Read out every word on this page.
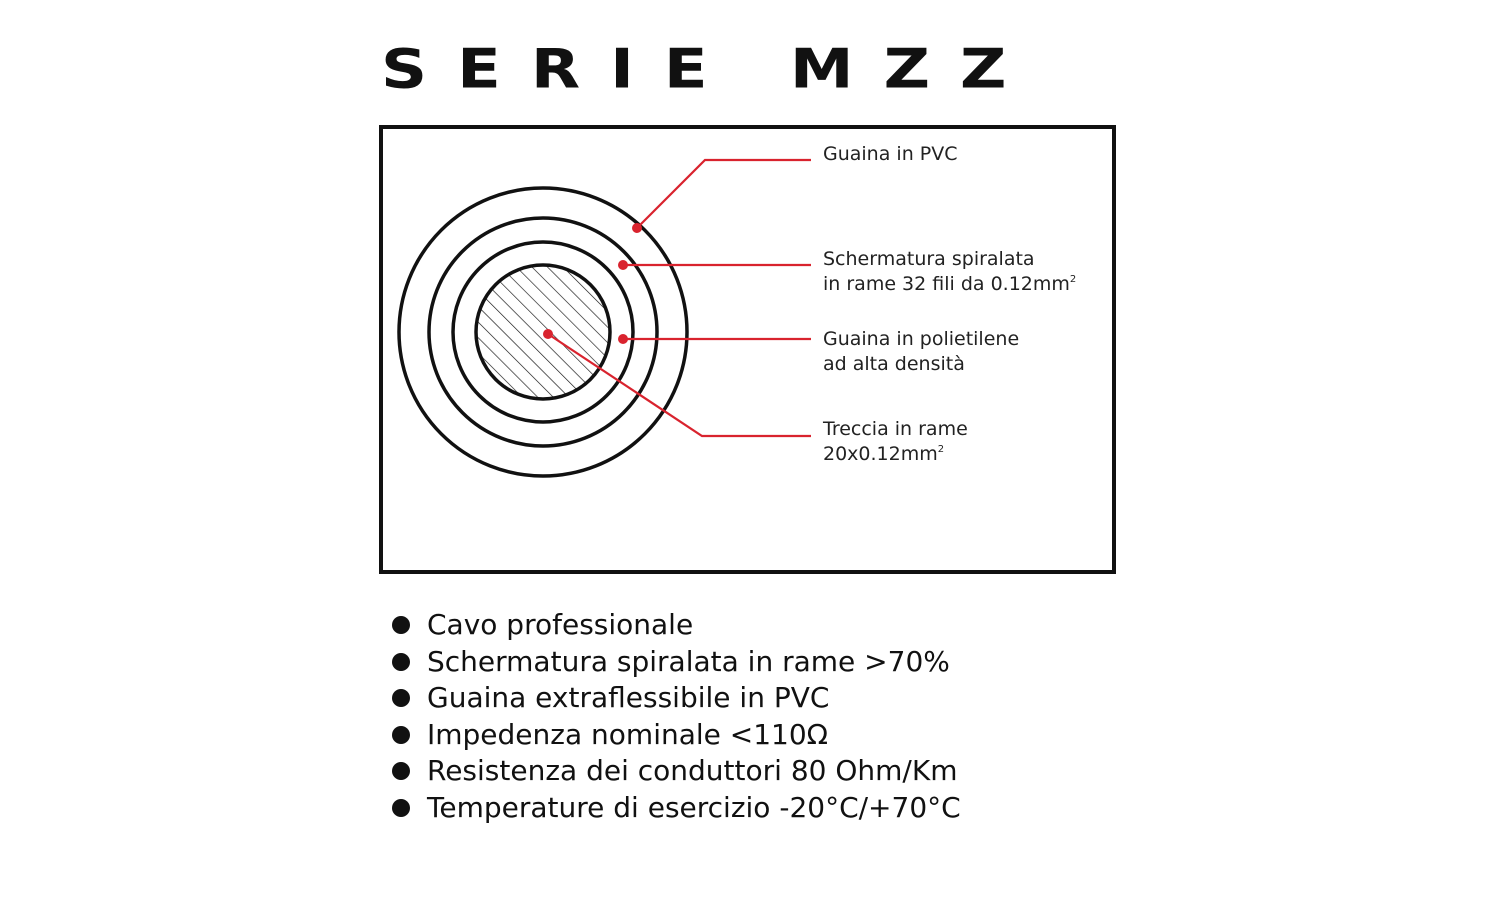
SERIE MZZ
Guaina in PVC
Schermatura spiralata
in rame 32 fili da $0.12mm^2$
Guaina in polietilene
ad alta densità
Treccia in rame
$20x0.12mm^2$
Cavo professionale
Schermatura spiralata in rame >70%
Guaina extraflessibile in PVC
Impedenza nominale <110Ω
Resistenza dei conduttori 80 Ohm/Km
Temperature di esercizio -20°C/+70°C
